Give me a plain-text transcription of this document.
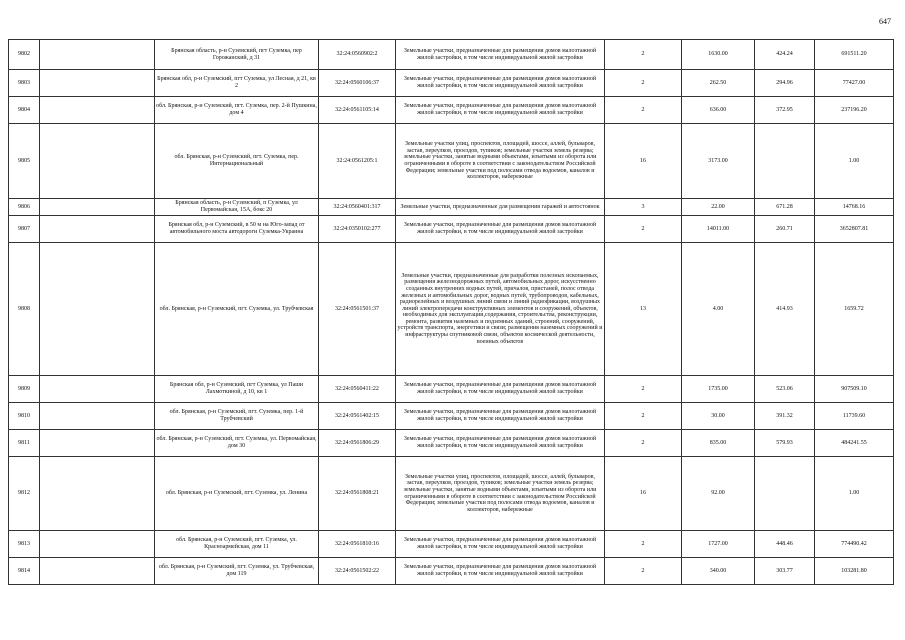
647
9802		Брянская область, р-н Суземский, пгт Суземка, пер Горожанский, д 31	32:24:0560902:2	Земельные участки, предназначенные для размещения домов малоэтажной жилой застройки, в том числе индивидуальной жилой застройки	2	1630.00	424.24	691511.20
9803		Брянская обл, р-н Суземский, пгт Суземка, ул Лесная, д 21, кв 2	32:24:0560106:37	Земельные участки, предназначенные для размещения домов малоэтажной жилой застройки, в том числе индивидуальной жилой застройки	2	262.50	294.96	77427.00
9804		обл. Брянская, р-н Суземский, пгт. Суземка, пер. 2-й Пушкина, дом 4	32:24:0561105:14	Земельные участки, предназначенные для размещения домов малоэтажной жилой застройки, в том числе индивидуальной жилой застройки	2	636.00	372.95	237196.20
9805		обл. Брянская, р-н Суземский, пгт. Суземка, пер. Интернациональный	32:24:0561205:1	Земельные участки улиц, проспектов, площадей, шоссе, аллей, бульваров, застав, переулков, проездов, тупиков; земельные участки земель резерва; земельные участки, занятые водными объектами, изъятыми из оборота или ограниченными в обороте в соответствии с законодательством Российской Федерации; земельные участки под полосами отвода водоемов, каналов и коллекторов, набережные	16	3173.00		1.00
9806		Брянская область, р-н Суземский, п Суземка, ул Первомайская, 15А, бокс 20	32:24:0560401:317	Земельные участки, предназначенные для размещения гаражей и автостоянок	3	22.00	671.28	14768.16
9807		Брянская обл, р-н Суземский, в 50 м на Юго-запад от автомобильного моста автодороги Суземка-Украина	32:24:0350102:277	Земельные участки, предназначенные для размещения домов малоэтажной жилой застройки, в том числе индивидуальной жилой застройки	2	14011.00	260.71	3652807.81
9808		обл. Брянская, р-н Суземский, пгт. Суземка, ул. Трубчевская	32:24:0561501:37	Земельные участки, предназначенные для разработки полезных ископаемых, размещения железнодорожных путей, автомобильных дорог, искусственно созданных внутренних водных путей, причалов, пристаней, полос отвода железных и автомобильных дорог, водных путей, трубопроводов, кабельных, радиорелейных и воздушных линий связи и линий радиофикации, воздушных линий электропередачи конструктивных элементов и сооружений, объектов, необходимых для эксплуатации,содержания, строительства, реконструкции, ремонта, развития наземных и подземных зданий, строений, сооружений, устройств транспорта, энергетики и связи; размещения наземных сооружений и инфраструктуры спутниковой связи, объектов космической деятельности, военных объектов	13	4.00	414.93	1659.72
9809		Брянская обл, р-н Суземский, пгт Суземка, ул Паши Лахмоткиной, д 10, кв 1	32:24:0560411:22	Земельные участки, предназначенные для размещения домов малоэтажной жилой застройки, в том числе индивидуальной жилой застройки	2	1735.00	523.06	907509.10
9810		обл. Брянская, р-н Суземский, пгт. Суземка, пер. 1-й Трубчевский	32:24:0561402:15	Земельные участки, предназначенные для размещения домов малоэтажной жилой застройки, в том числе индивидуальной жилой застройки	2	30.00	391.32	11739.60
9811		обл. Брянская, р-н Суземский, пгт. Суземка, ул. Первомайская, дом 30	32:24:0561806:29	Земельные участки, предназначенные для размещения домов малоэтажной жилой застройки, в том числе индивидуальной жилой застройки	2	835.00	579.93	484241.55
9812		обл. Брянская, р-н Суземский, пгт. Суземка, ул. Ленина	32:24:0561808:21	Земельные участки улиц, проспектов, площадей, шоссе, аллей, бульваров, застав, переулков, проездов, тупиков; земельные участки земель резерва; земельные участки, занятые водными объектами, изъятыми из оборота или ограниченными в обороте в соответствии с законодательством Российской Федерации; земельные участки под полосами отвода водоемов, каналов и коллекторов, набережные	16	92.00		1.00
9813		обл. Брянская, р-н Суземский, пгт. Суземка, ул. Красноармейская, дом 11	32:24:0561810:16	Земельные участки, предназначенные для размещения домов малоэтажной жилой застройки, в том числе индивидуальной жилой застройки	2	1727.00	448.46	774490.42
9814		обл. Брянская, р-н Суземский, пгт. Суземка, ул. Трубчевская, дом 119	32:24:0561502:22	Земельные участки, предназначенные для размещения домов малоэтажной жилой застройки, в том числе индивидуальной жилой застройки	2	340.00	303.77	103281.80
